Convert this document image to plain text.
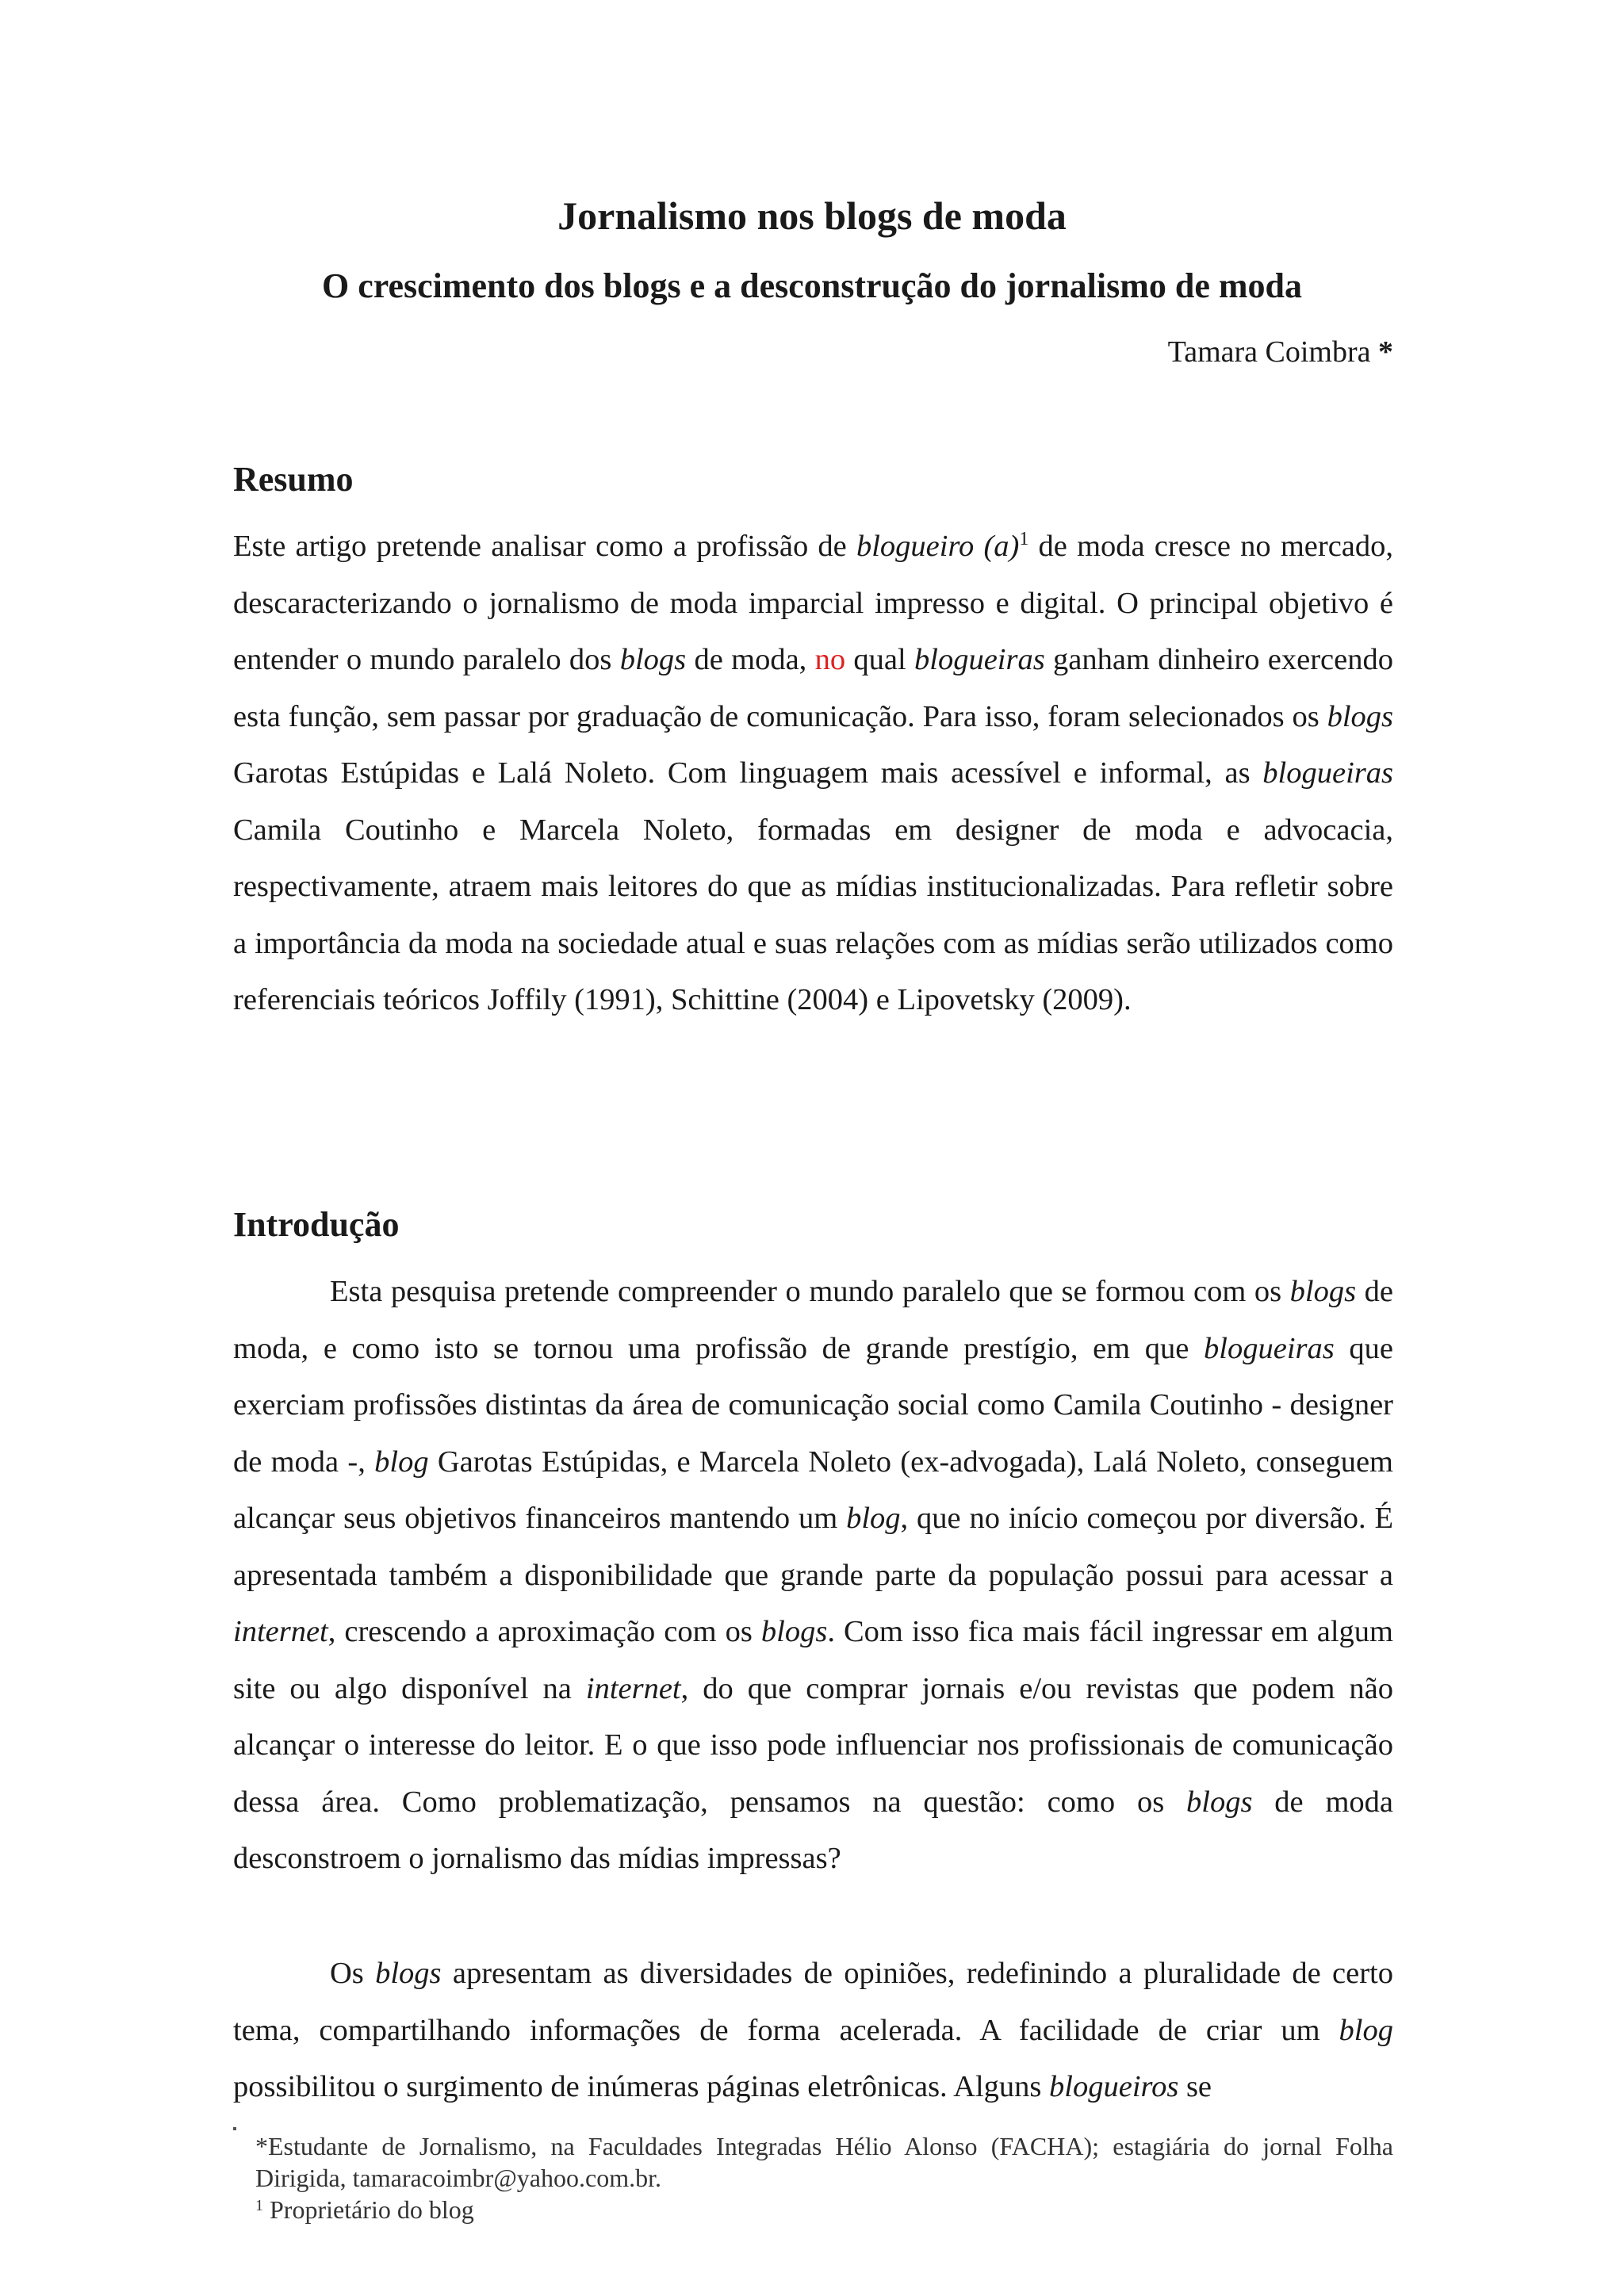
Jornalismo nos blogs de moda
O crescimento dos blogs e a desconstrução do jornalismo de moda
Tamara Coimbra *
Resumo

Este artigo pretende analisar como a profissão de blogueiro (a)$^1$ de moda cresce no mercado, descaracterizando o jornalismo de moda imparcial impresso e digital. O principal objetivo é entender o mundo paralelo dos blogs de moda, no qual blogueiras ganham dinheiro exercendo esta função, sem passar por graduação de comunicação. Para isso, foram selecionados os blogs Garotas Estúpidas e Lalá Noleto. Com linguagem mais acessível e informal, as blogueiras Camila Coutinho e Marcela Noleto, formadas em designer de moda e advocacia, respectivamente, atraem mais leitores do que as mídias institucionalizadas. Para refletir sobre a importância da moda na sociedade atual e suas relações com as mídias serão utilizados como referenciais teóricos Joffily (1991), Schittine (2004) e Lipovetsky (2009).

Introdução

Esta pesquisa pretende compreender o mundo paralelo que se formou com os blogs de moda, e como isto se tornou uma profissão de grande prestígio, em que blogueiras que exerciam profissões distintas da área de comunicação social como Camila Coutinho - designer de moda -, blog Garotas Estúpidas, e Marcela Noleto (ex-advogada), Lalá Noleto, conseguem alcançar seus objetivos financeiros mantendo um blog, que no início começou por diversão. É apresentada também a disponibilidade que grande parte da população possui para acessar a internet, crescendo a aproximação com os blogs. Com isso fica mais fácil ingressar em algum site ou algo disponível na internet, do que comprar jornais e/ou revistas que podem não alcançar o interesse do leitor. E o que isso pode influenciar nos profissionais de comunicação dessa área. Como problematização, pensamos na questão: como os blogs de moda desconstroem o jornalismo das mídias impressas?

Os blogs apresentam as diversidades de opiniões, redefinindo a pluralidade de certo tema, compartilhando informações de forma acelerada. A facilidade de criar um blog possibilitou o surgimento de inúmeras páginas eletrônicas. Alguns blogueiros se

*Estudante de Jornalismo, na Faculdades Integradas Hélio Alonso (FACHA); estagiária do jornal Folha Dirigida, tamaracoimbr@yahoo.com.br.

$^1$ Proprietário do blog
